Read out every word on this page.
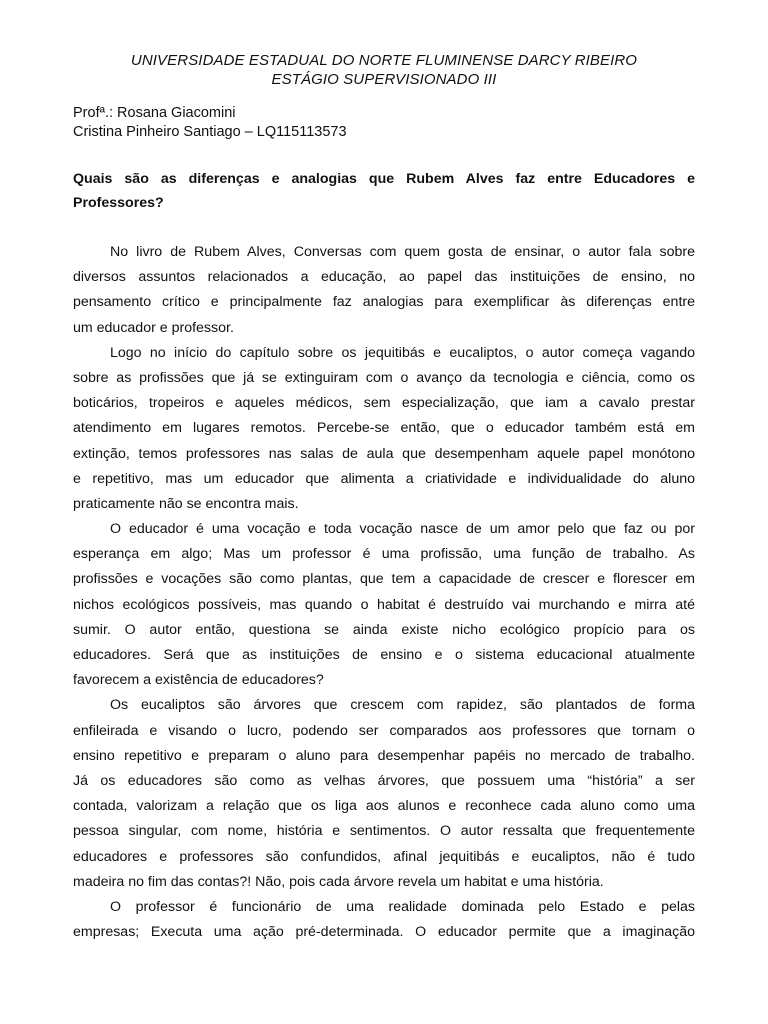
UNIVERSIDADE ESTADUAL DO NORTE FLUMINENSE DARCY RIBEIRO
ESTÁGIO SUPERVISIONADO III
Profª.: Rosana Giacomini
Cristina Pinheiro Santiago – LQ115113573
Quais são as diferenças e analogias que Rubem Alves faz entre Educadores e
Professores?
No livro de Rubem Alves, Conversas com quem gosta de ensinar, o autor fala sobre
diversos assuntos relacionados a educação, ao papel das instituições de ensino, no
pensamento crítico e principalmente faz analogias para exemplificar às diferenças entre
um educador e professor.
Logo no início do capítulo sobre os jequitibás e eucaliptos, o autor começa vagando
sobre as profissões que já se extinguiram com o avanço da tecnologia e ciência, como os
boticários, tropeiros e aqueles médicos, sem especialização, que iam a cavalo prestar
atendimento em lugares remotos. Percebe-se então, que o educador também está em
extinção, temos professores nas salas de aula que desempenham aquele papel monótono
e repetitivo, mas um educador que alimenta a criatividade e individualidade do aluno
praticamente não se encontra mais.
O educador é uma vocação e toda vocação nasce de um amor pelo que faz ou por
esperança em algo; Mas um professor é uma profissão, uma função de trabalho. As
profissões e vocações são como plantas, que tem a capacidade de crescer e florescer em
nichos ecológicos possíveis, mas quando o habitat é destruído vai murchando e mirra até
sumir. O autor então, questiona se ainda existe nicho ecológico propício para os
educadores. Será que as instituições de ensino e o sistema educacional atualmente
favorecem a existência de educadores?
Os eucaliptos são árvores que crescem com rapidez, são plantados de forma
enfileirada e visando o lucro, podendo ser comparados aos professores que tornam o
ensino repetitivo e preparam o aluno para desempenhar papéis no mercado de trabalho.
Já os educadores são como as velhas árvores, que possuem uma “história” a ser
contada, valorizam a relação que os liga aos alunos e reconhece cada aluno como uma
pessoa singular, com nome, história e sentimentos. O autor ressalta que frequentemente
educadores e professores são confundidos, afinal jequitibás e eucaliptos, não é tudo
madeira no fim das contas?! Não, pois cada árvore revela um habitat e uma história.
O professor é funcionário de uma realidade dominada pelo Estado e pelas
empresas; Executa uma ação pré-determinada. O educador permite que a imaginação
